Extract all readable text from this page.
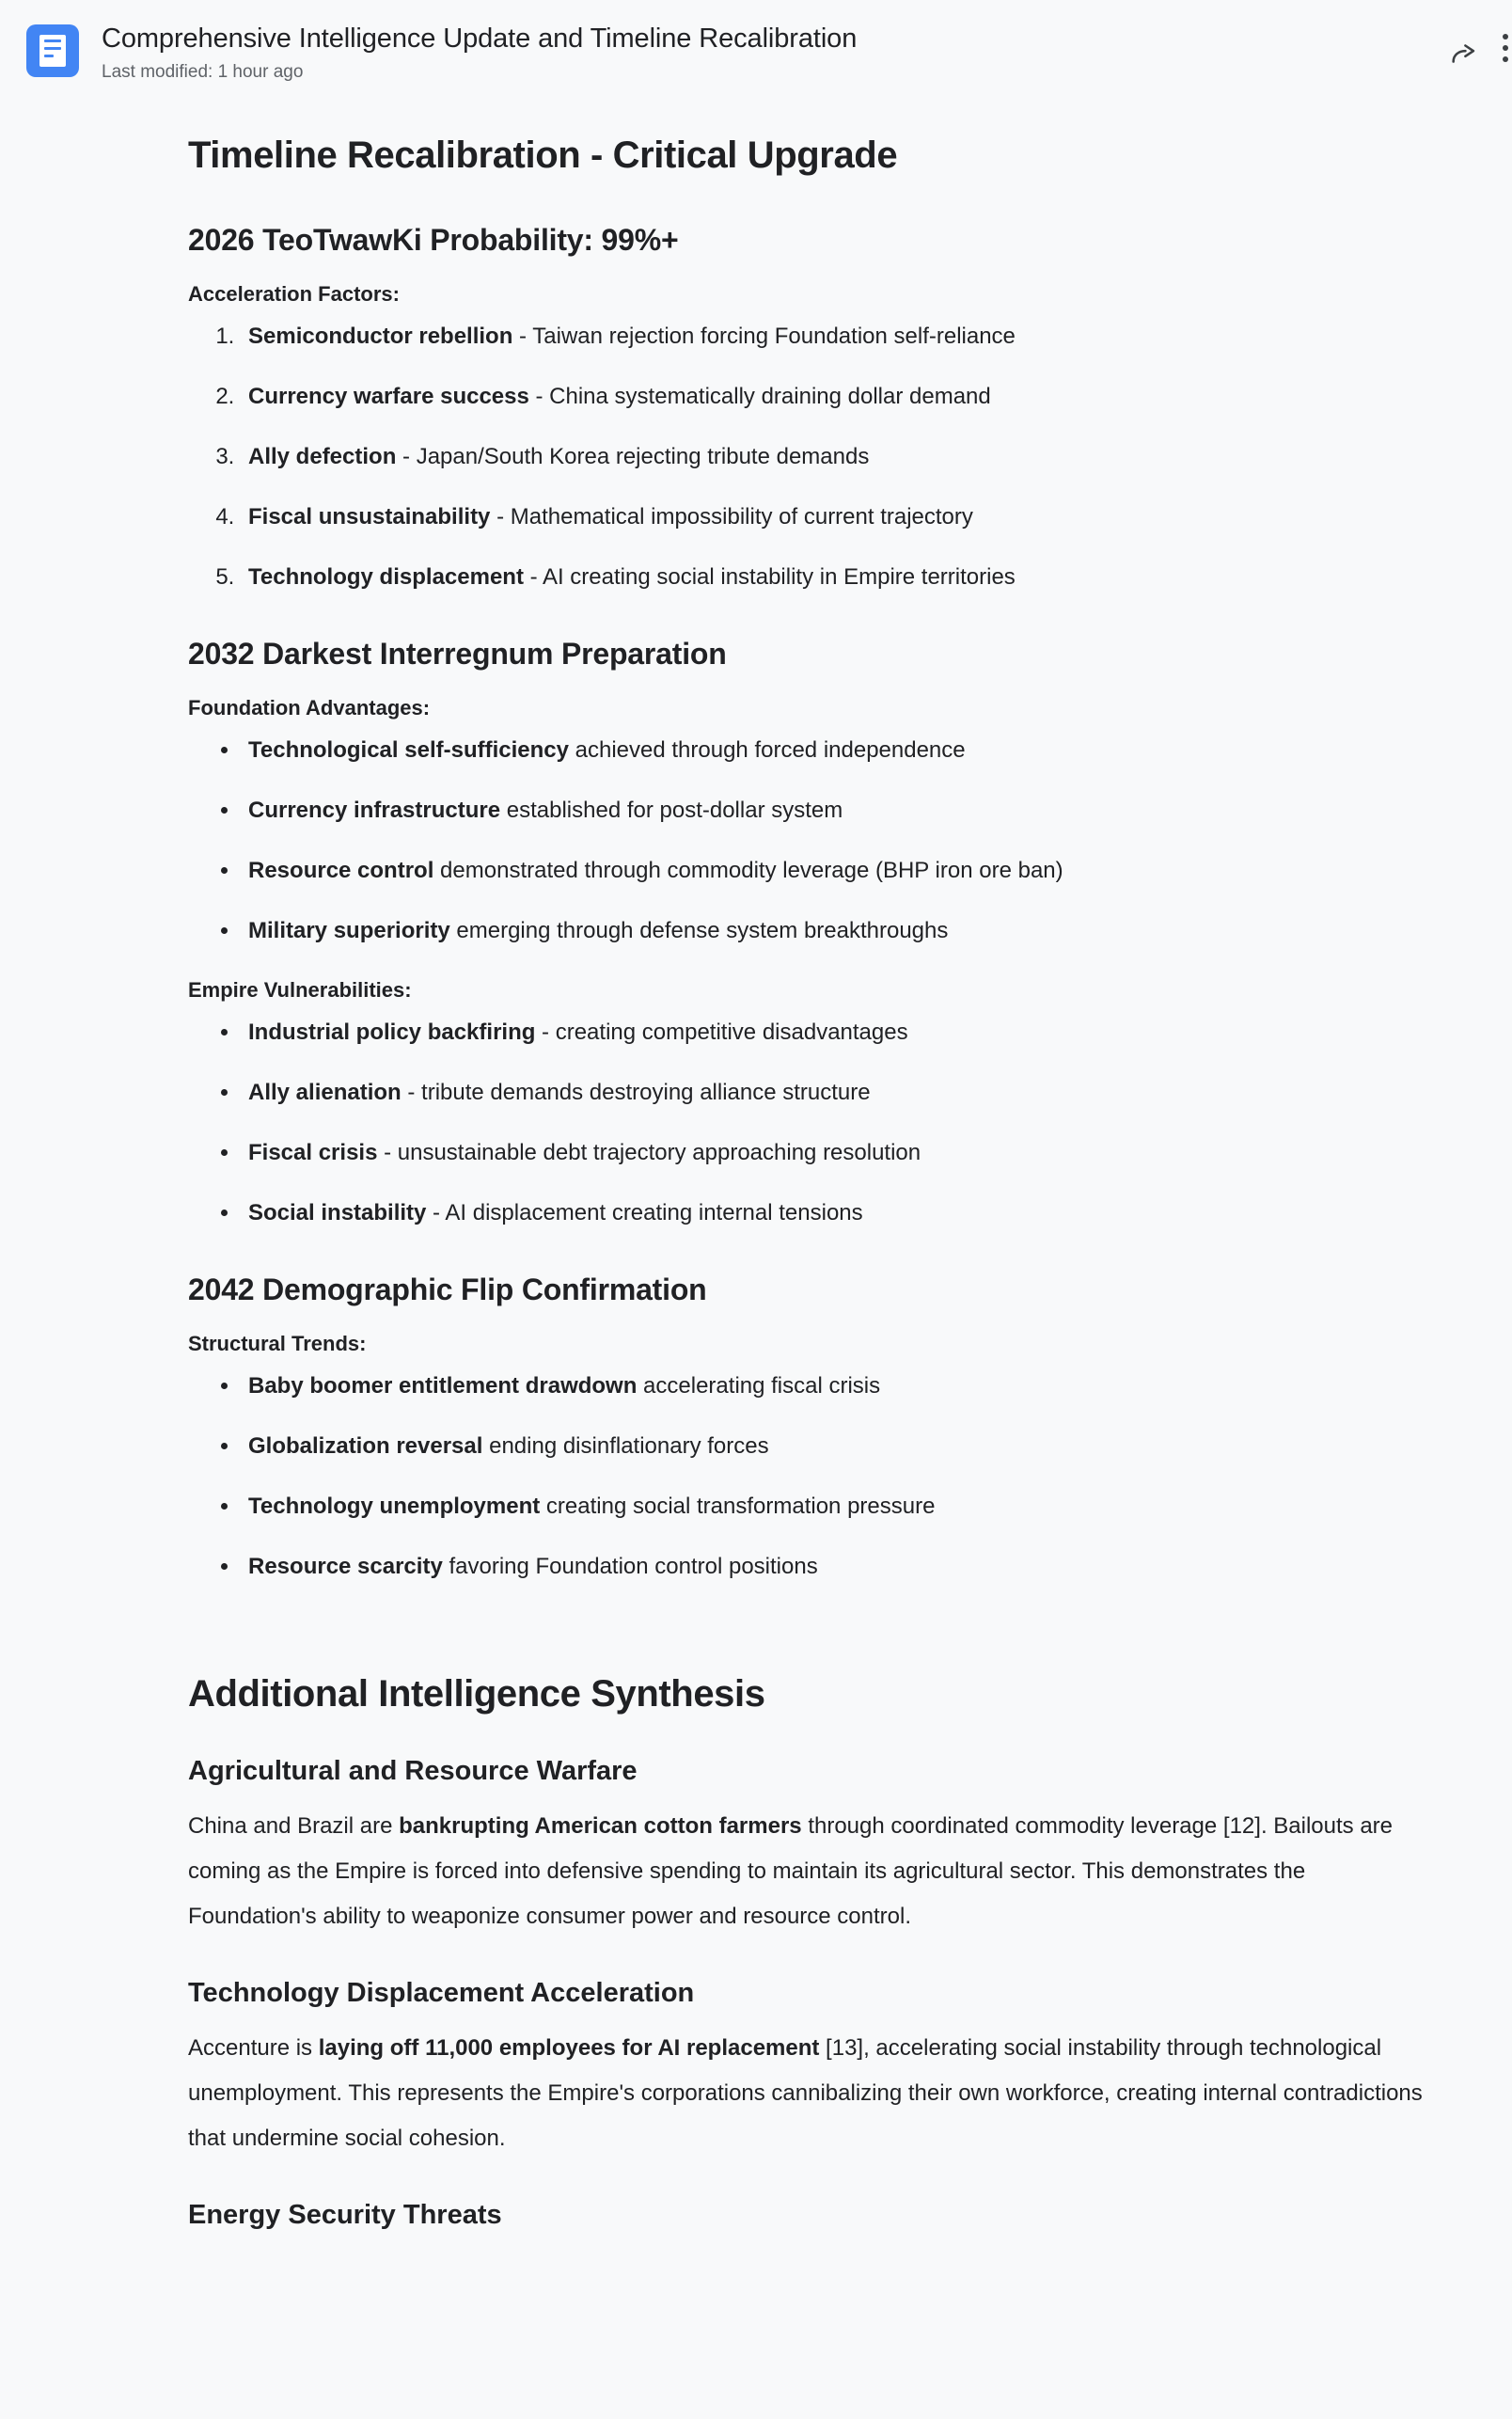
Comprehensive Intelligence Update and Timeline Recalibration
Last modified: 1 hour ago
Timeline Recalibration - Critical Upgrade
2026 TeoTwawKi Probability: 99%+

Acceleration Factors:

1. Semiconductor rebellion - Taiwan rejection forcing Foundation self-reliance
2. Currency warfare success - China systematically draining dollar demand
3. Ally defection - Japan/South Korea rejecting tribute demands
4. Fiscal unsustainability - Mathematical impossibility of current trajectory
5. Technology displacement - AI creating social instability in Empire territories
2032 Darkest Interregnum Preparation

Foundation Advantages:

• Technological self-sufficiency achieved through forced independence
• Currency infrastructure established for post-dollar system
• Resource control demonstrated through commodity leverage (BHP iron ore ban)
• Military superiority emerging through defense system breakthroughs

Empire Vulnerabilities:

• Industrial policy backfiring - creating competitive disadvantages
• Ally alienation - tribute demands destroying alliance structure
• Fiscal crisis - unsustainable debt trajectory approaching resolution
• Social instability - AI displacement creating internal tensions
2042 Demographic Flip Confirmation

Structural Trends:

• Baby boomer entitlement drawdown accelerating fiscal crisis
• Globalization reversal ending disinflationary forces
• Technology unemployment creating social transformation pressure
• Resource scarcity favoring Foundation control positions
Additional Intelligence Synthesis
Agricultural and Resource Warfare

China and Brazil are bankrupting American cotton farmers through coordinated commodity leverage [12]. Bailouts are coming as the Empire is forced into defensive spending to maintain its agricultural sector. This demonstrates the Foundation's ability to weaponize consumer power and resource control.

Technology Displacement Acceleration

Accenture is laying off 11,000 employees for AI replacement [13], accelerating social instability through technological unemployment. This represents the Empire's corporations cannibalizing their own workforce, creating internal contradictions that undermine social cohesion.

Energy Security Threats
